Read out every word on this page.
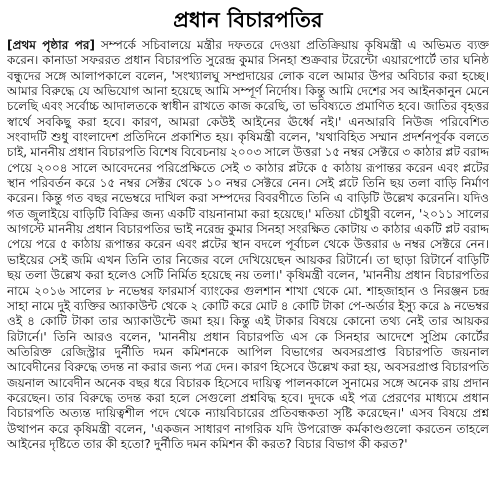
প্রধান বিচারপতির

[প্রথম পৃষ্ঠার পর] সম্পর্কে সচিবালয়ে মন্ত্রীর দফতরে দেওয়া প্রতিক্রিয়ায় কৃষিমন্ত্রী এ অভিমত ব্যক্ত করেন। কানাডা সফররত প্রধান বিচারপতি সুরেন্দ্র কুমার সিনহা শুক্রবার টরেন্টো এয়ারপোর্টে তার ঘনিষ্ঠ বন্ধুদের সঙ্গে আলাপকালে বলেন, 'সংখ্যালঘু সম্প্রদায়ের লোক বলে আমার উপর অবিচার করা হচ্ছে। আমার বিরুদ্ধে যে অভিযোগ আনা হয়েছে আমি সম্পূর্ণ নির্দোষ। কিন্তু আমি দেশের সব আইনকানুন মেনে চলেছি এবং সর্বোচ্চ আদালতকে স্বাধীন রাখতে কাজ করেছি, তা ভবিষ্যতে প্রমাণিত হবে। জাতির বৃহত্তর স্বার্থে সবকিছু করা হবে। কারণ, আমরা কেউই আইনের ঊর্ধ্বে নই।' এনআরবি নিউজ পরিবেশিত সংবাদটি শুধু বাংলাদেশ প্রতিদিনে প্রকাশিত হয়। কৃষিমন্ত্রী বলেন, 'যথাবিহিত সম্মান প্রদর্শনপূর্বক বলতে চাই, মাননীয় প্রধান বিচারপতি বিশেষ বিবেচনায় ২০০৩ সালে উত্তরা ১৫ নম্বর সেক্টরে ৩ কাঠার প্লট বরাদ্দ পেয়ে ২০০৪ সালে আবেদনের পরিপ্রেক্ষিতে সেই ৩ কাঠার প্লটকে ৫ কাঠায় রূপান্তর করেন এবং প্লটের স্থান পরিবর্তন করে ১৫ নম্বর সেক্টর থেকে ১০ নম্বর সেক্টরে নেন। সেই প্লটে তিনি ছয় তলা বাড়ি নির্মাণ করেন। কিন্তু গত বছর নভেম্বরে দাখিল করা সম্পদের বিবরণীতে তিনি এ বাড়িটি উল্লেখ করেননি। যদিও গত জুলাইয়ে বাড়িটি বিক্রির জন্য একটি বায়নানামা করা হয়েছে।' মতিয়া চৌধুরী বলেন, '২০১১ সালের আগস্টে মাননীয় প্রধান বিচারপতির ভাই নরেন্দ্র কুমার সিনহা সংরক্ষিত কোটায় ৩ কাঠার একটি প্লট বরাদ্দ পেয়ে পরে ৫ কাঠায় রূপান্তর করেন এবং প্লটের স্থান বদলে পূর্বাচল থেকে উত্তরার ৬ নম্বর সেক্টরে নেন। ভাইয়ের সেই জমি এখন তিনি তার নিজের বলে দেখিয়েছেন আয়কর রিটার্নে। তা ছাড়া রিটার্নে বাড়িটি ছয় তলা উল্লেখ করা হলেও সেটি নির্মিত হয়েছে নয় তলা।' কৃষিমন্ত্রী বলেন, 'মাননীয় প্রধান বিচারপতির নামে ২০১৬ সালের ৮ নভেম্বর ফারমার্স ব্যাংকের গুলশান শাখা থেকে মো. শাহজাহান ও নিরঞ্জন চন্দ্র সাহা নামে দুই ব্যক্তির অ্যাকাউন্ট থেকে ২ কোটি করে মোট ৪ কোটি টাকা পে-অর্ডার ইস্যু করে ৯ নভেম্বর ওই ৪ কোটি টাকা তার অ্যাকাউন্টে জমা হয়। কিন্তু এই টাকার বিষয়ে কোনো তথ্য নেই তার আয়কর রিটার্নে।' তিনি আরও বলেন, 'মাননীয় প্রধান বিচারপতি এস কে সিনহার আদেশে সুপ্রিম কোর্টের অতিরিক্ত রেজিস্ট্রার দুর্নীতি দমন কমিশনকে আপিল বিভাগের অবসরপ্রাপ্ত বিচারপতি জয়নাল আবেদীনের বিরুদ্ধে তদন্ত না করার জন্য পত্র দেন। কারণ হিসেবে উল্লেখ করা হয়, অবসরপ্রাপ্ত বিচারপতি জয়নাল আবেদীন অনেক বছর ধরে বিচারক হিসেবে দায়িত্ব পালনকালে সুনামের সঙ্গে অনেক রায় প্রদান করেছেন। তার বিরুদ্ধে তদন্ত করা হলে সেগুলো প্রশ্নবিদ্ধ হবে। দুদকে এই পত্র প্রেরণের মাধ্যমে প্রধান বিচারপতি অত্যন্ত দায়িত্বশীল পদে থেকে ন্যায়বিচারের প্রতিবন্ধকতা সৃষ্টি করেছেন।' এসব বিষয়ে প্রশ্ন উত্থাপন করে কৃষিমন্ত্রী বলেন, 'একজন সাধারণ নাগরিক যদি উপরোক্ত কর্মকাণ্ডগুলো করতেন তাহলে আইনের দৃষ্টিতে তার কী হতো? দুর্নীতি দমন কমিশন কী করত? বিচার বিভাগ কী করত?'
